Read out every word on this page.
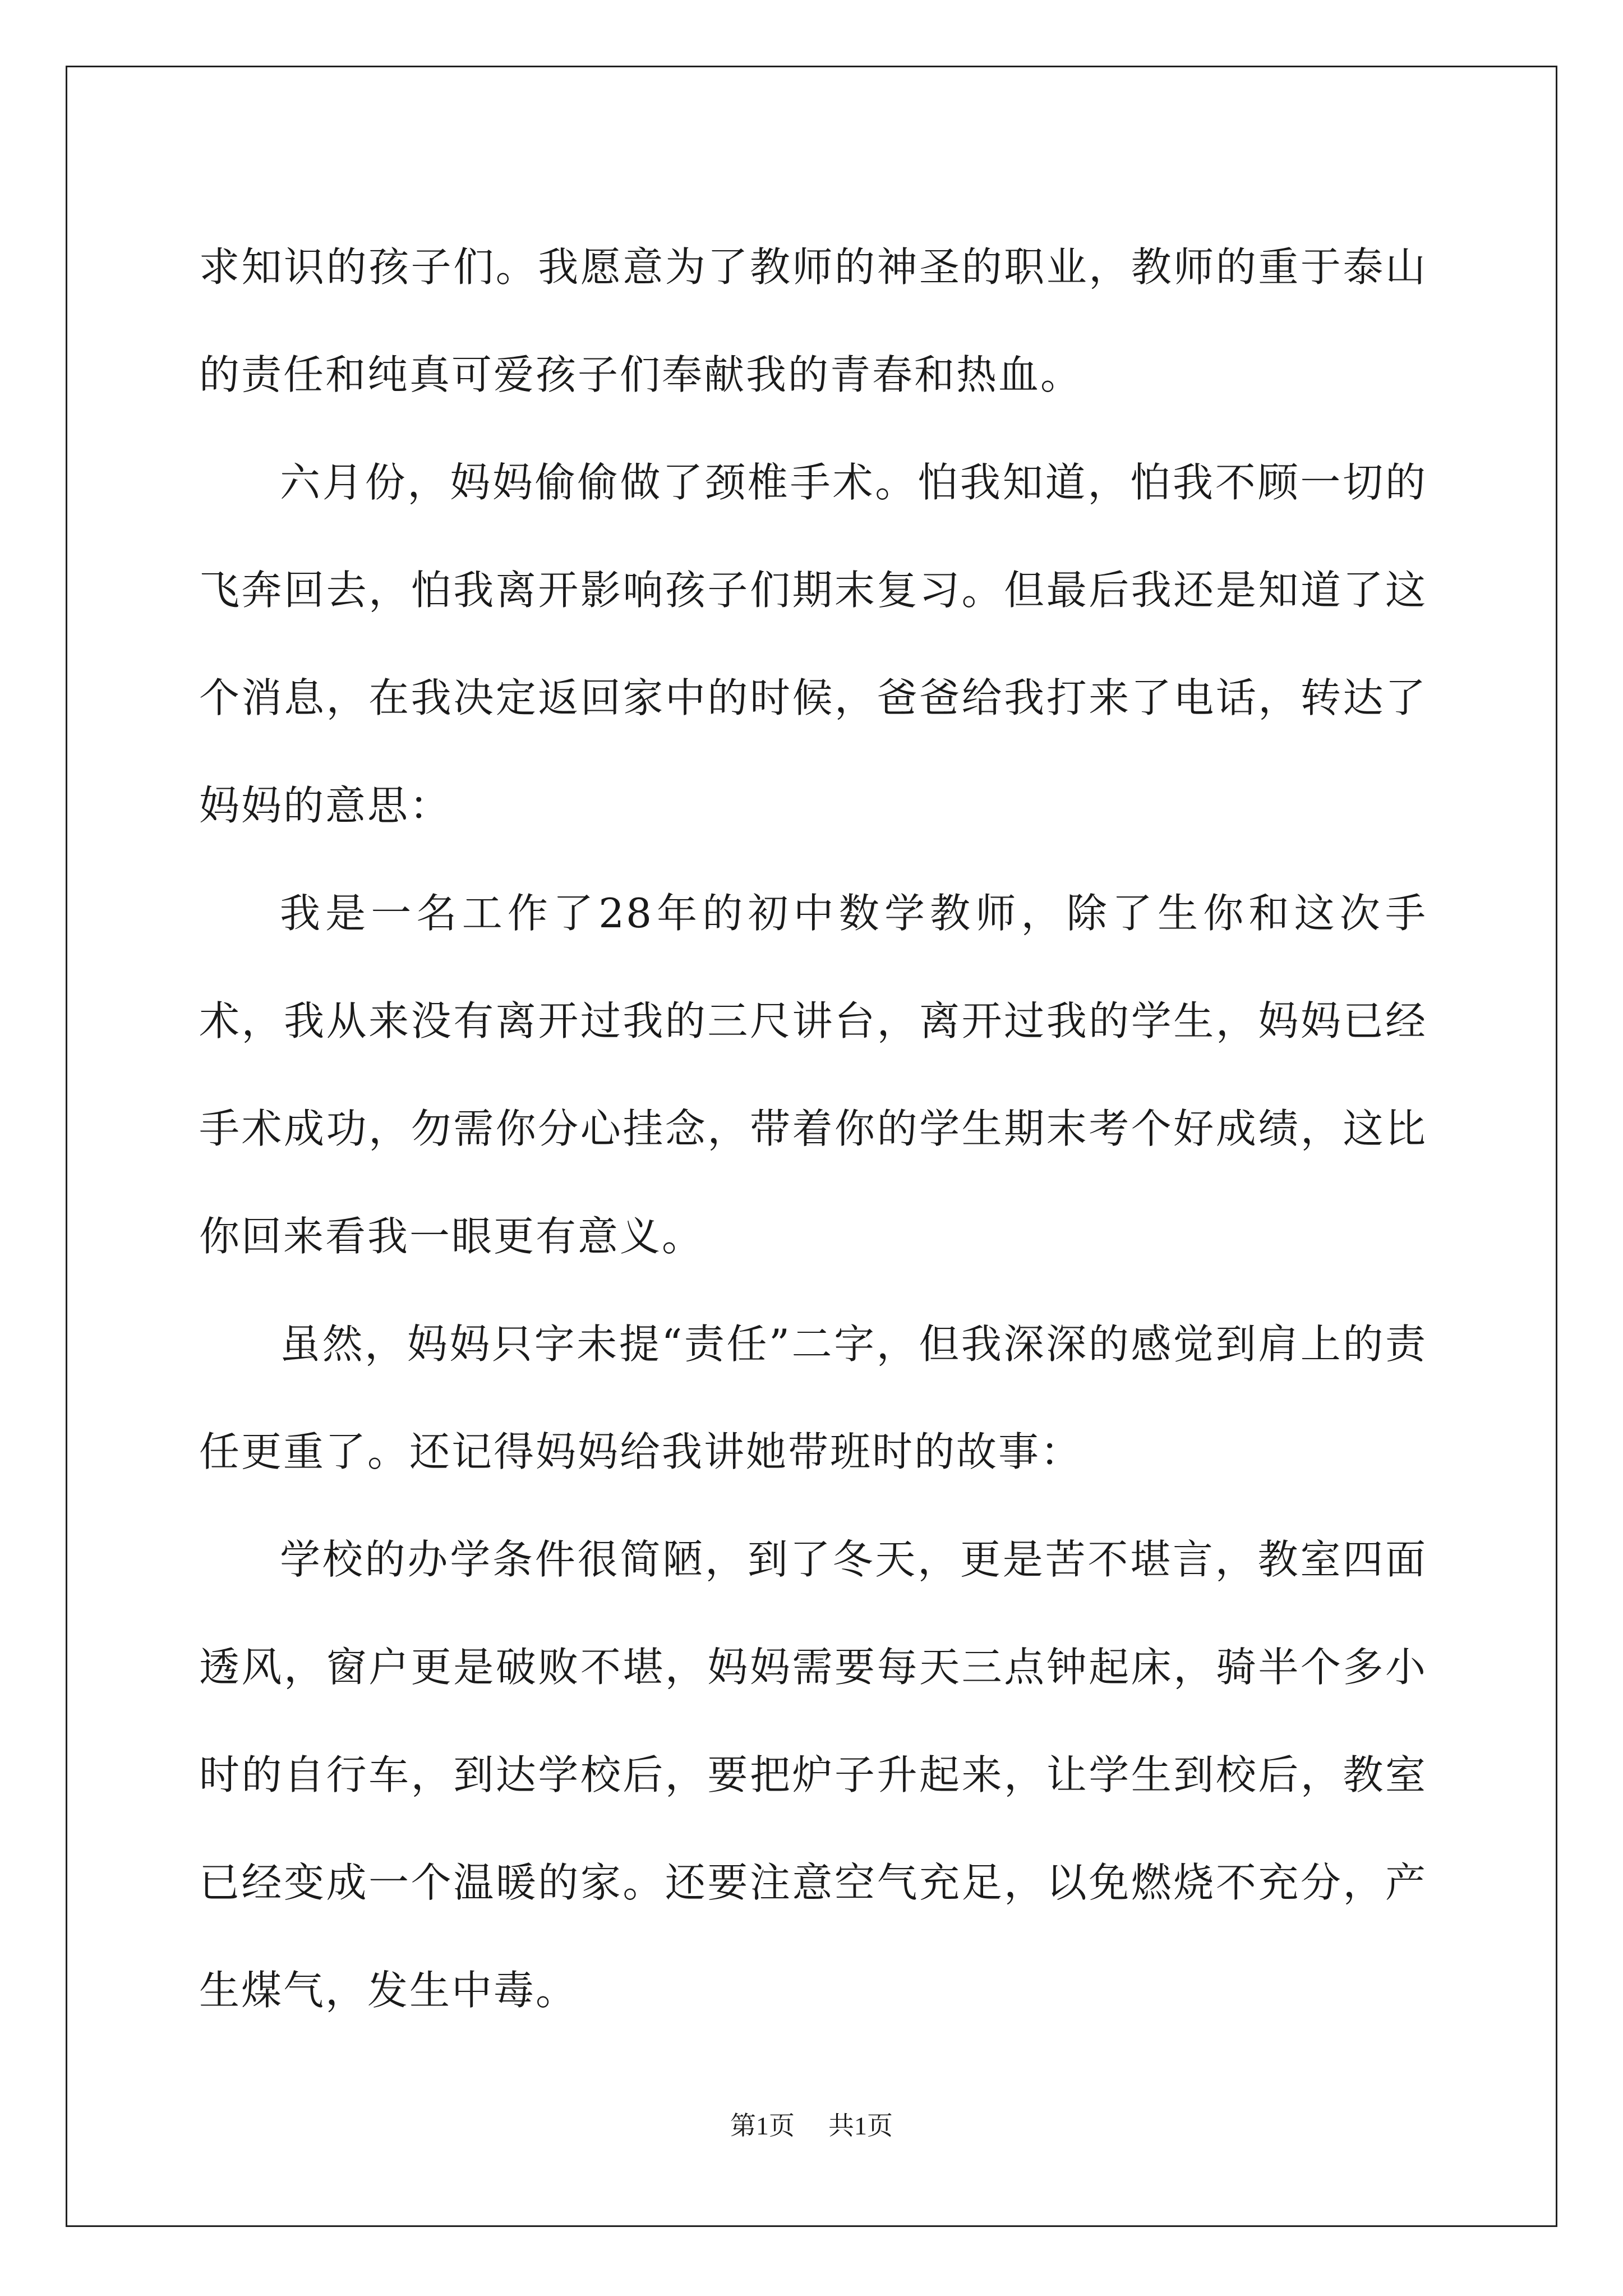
求知识的孩子们。我愿意为了教师的神圣的职业，教师的重于泰山的责任和纯真可爱孩子们奉献我的青春和热血。

六月份，妈妈偷偷做了颈椎手术。怕我知道，怕我不顾一切的飞奔回去，怕我离开影响孩子们期末复习。但最后我还是知道了这个消息，在我决定返回家中的时候，爸爸给我打来了电话，转达了妈妈的意思：

我是一名工作了28年的初中数学教师，除了生你和这次手术，我从来没有离开过我的三尺讲台，离开过我的学生，妈妈已经手术成功，勿需你分心挂念，带着你的学生期末考个好成绩，这比你回来看我一眼更有意义。

虽然，妈妈只字未提“责任”二字，但我深深的感觉到肩上的责任更重了。还记得妈妈给我讲她带班时的故事：

学校的办学条件很简陋，到了冬天，更是苦不堪言，教室四面透风，窗户更是破败不堪，妈妈需要每天三点钟起床，骑半个多小时的自行车，到达学校后，要把炉子升起来，让学生到校后，教室已经变成一个温暖的家。还要注意空气充足，以免燃烧不充分，产生煤气，发生中毒。

第1页 共1页
